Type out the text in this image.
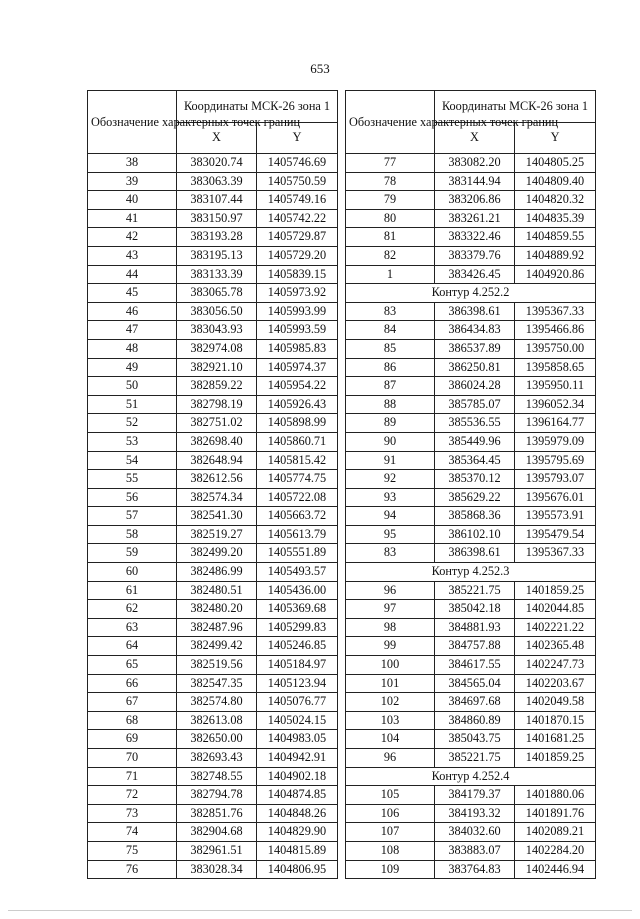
653
Обозначение характерных точек границ	Координаты МСК-26 зона 1	
	X	Y
38	383020.74	1405746.69
39	383063.39	1405750.59
40	383107.44	1405749.16
41	383150.97	1405742.22
42	383193.28	1405729.87
43	383195.13	1405729.20
44	383133.39	1405839.15
45	383065.78	1405973.92
46	383056.50	1405993.99
47	383043.93	1405993.59
48	382974.08	1405985.83
49	382921.10	1405974.37
50	382859.22	1405954.22
51	382798.19	1405926.43
52	382751.02	1405898.99
53	382698.40	1405860.71
54	382648.94	1405815.42
55	382612.56	1405774.75
56	382574.34	1405722.08
57	382541.30	1405663.72
58	382519.27	1405613.79
59	382499.20	1405551.89
60	382486.99	1405493.57
61	382480.51	1405436.00
62	382480.20	1405369.68
63	382487.96	1405299.83
64	382499.42	1405246.85
65	382519.56	1405184.97
66	382547.35	1405123.94
67	382574.80	1405076.77
68	382613.08	1405024.15
69	382650.00	1404983.05
70	382693.43	1404942.91
71	382748.55	1404902.18
72	382794.78	1404874.85
73	382851.76	1404848.26
74	382904.68	1404829.90
75	382961.51	1404815.89
76	383028.34	1404806.95
Обозначение характерных точек границ	Координаты МСК-26 зона 1	
	X	Y
77	383082.20	1404805.25
78	383144.94	1404809.40
79	383206.86	1404820.32
80	383261.21	1404835.39
81	383322.46	1404859.55
82	383379.76	1404889.92
1	383426.45	1404920.86
Контур 4.252.2		
83	386398.61	1395367.33
84	386434.83	1395466.86
85	386537.89	1395750.00
86	386250.81	1395858.65
87	386024.28	1395950.11
88	385785.07	1396052.34
89	385536.55	1396164.77
90	385449.96	1395979.09
91	385364.45	1395795.69
92	385370.12	1395793.07
93	385629.22	1395676.01
94	385868.36	1395573.91
95	386102.10	1395479.54
83	386398.61	1395367.33
Контур 4.252.3		
96	385221.75	1401859.25
97	385042.18	1402044.85
98	384881.93	1402221.22
99	384757.88	1402365.48
100	384617.55	1402247.73
101	384565.04	1402203.67
102	384697.68	1402049.58
103	384860.89	1401870.15
104	385043.75	1401681.25
96	385221.75	1401859.25
Контур 4.252.4		
105	384179.37	1401880.06
106	384193.32	1401891.76
107	384032.60	1402089.21
108	383883.07	1402284.20
109	383764.83	1402446.94
